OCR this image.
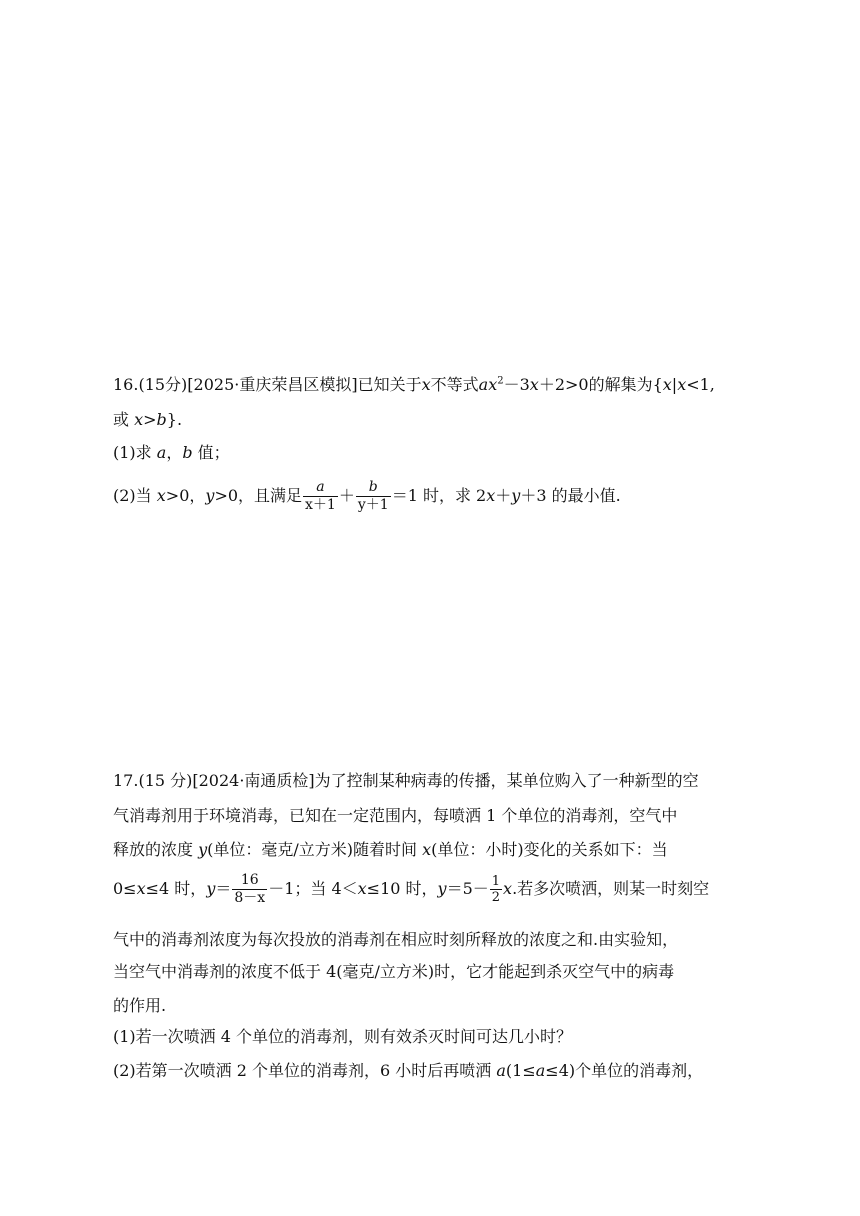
16.(15分)[2025·重庆荣昌区模拟]已知关于x不等式$ax^2-3x+2>0$的解集为{x|x<1,
或 x>b}.
(1)求 a，b 值；
(2)当 x>0，y>0，且满足 $\frac{a}{x+1} + \frac{b}{y+1} =1$ 时，求 2x＋y＋3 的最小值.
17.(15 分)[2024·南通质检]为了控制某种病毒的传播，某单位购入了一种新型的空
气消毒剂用于环境消毒，已知在一定范围内，每喷洒 1 个单位的消毒剂，空气中
释放的浓度 y(单位：毫克/立方米)随着时间 x(单位：小时)变化的关系如下：当
0≤x≤4 时，$y= \frac{16}{8-x} -1$；当 4＜x≤10 时，$y=5- \frac{1}{2} x$.若多次喷洒，则某一时刻空
气中的消毒剂浓度为每次投放的消毒剂在相应时刻所释放的浓度之和.由实验知，
当空气中消毒剂的浓度不低于 4(毫克/立方米)时，它才能起到杀灭空气中的病毒
的作用.
(1)若一次喷洒 4 个单位的消毒剂，则有效杀灭时间可达几小时？
(2)若第一次喷洒 2 个单位的消毒剂，6 小时后再喷洒 a(1≤a≤4)个单位的消毒剂，
